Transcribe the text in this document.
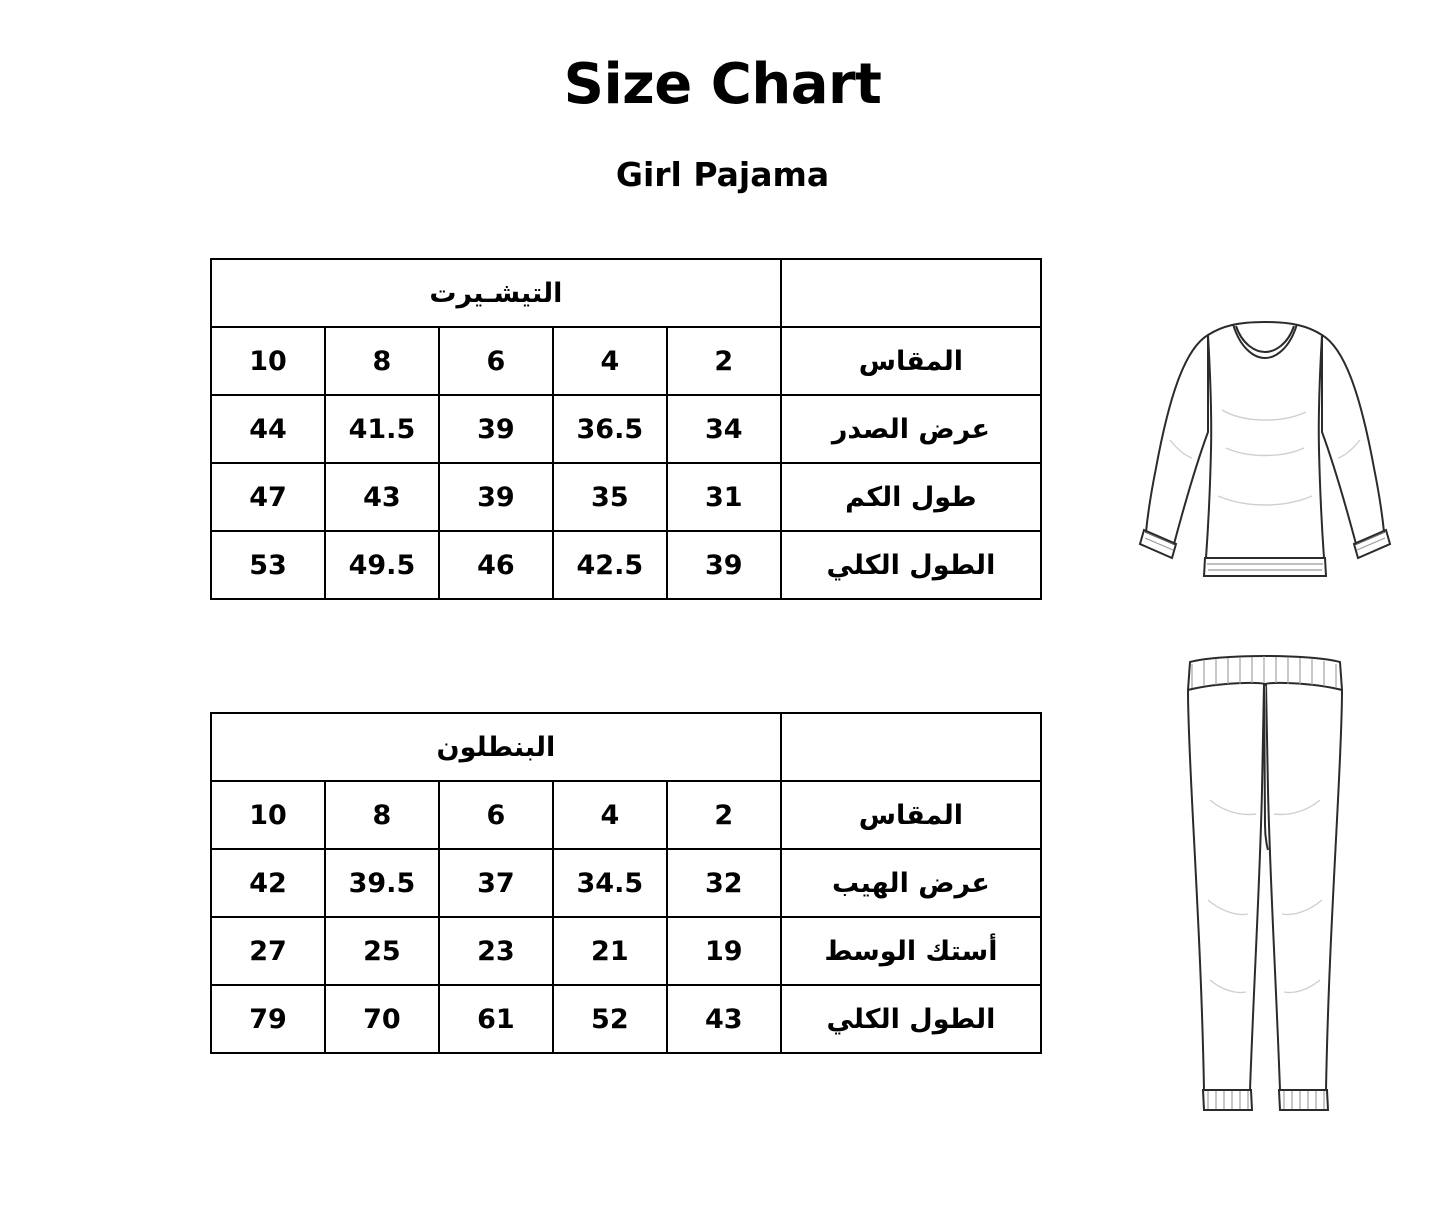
Size Chart
Girl Pajama
التيشـيرت					
10	8	6	4	2	المقاس
44	41.5	39	36.5	34	عرض الصدر
47	43	39	35	31	طول الكم
53	49.5	46	42.5	39	الطول الكلي
البنطلون					
10	8	6	4	2	المقاس
42	39.5	37	34.5	32	عرض الهيب
27	25	23	21	19	أستك الوسط
79	70	61	52	43	الطول الكلي
